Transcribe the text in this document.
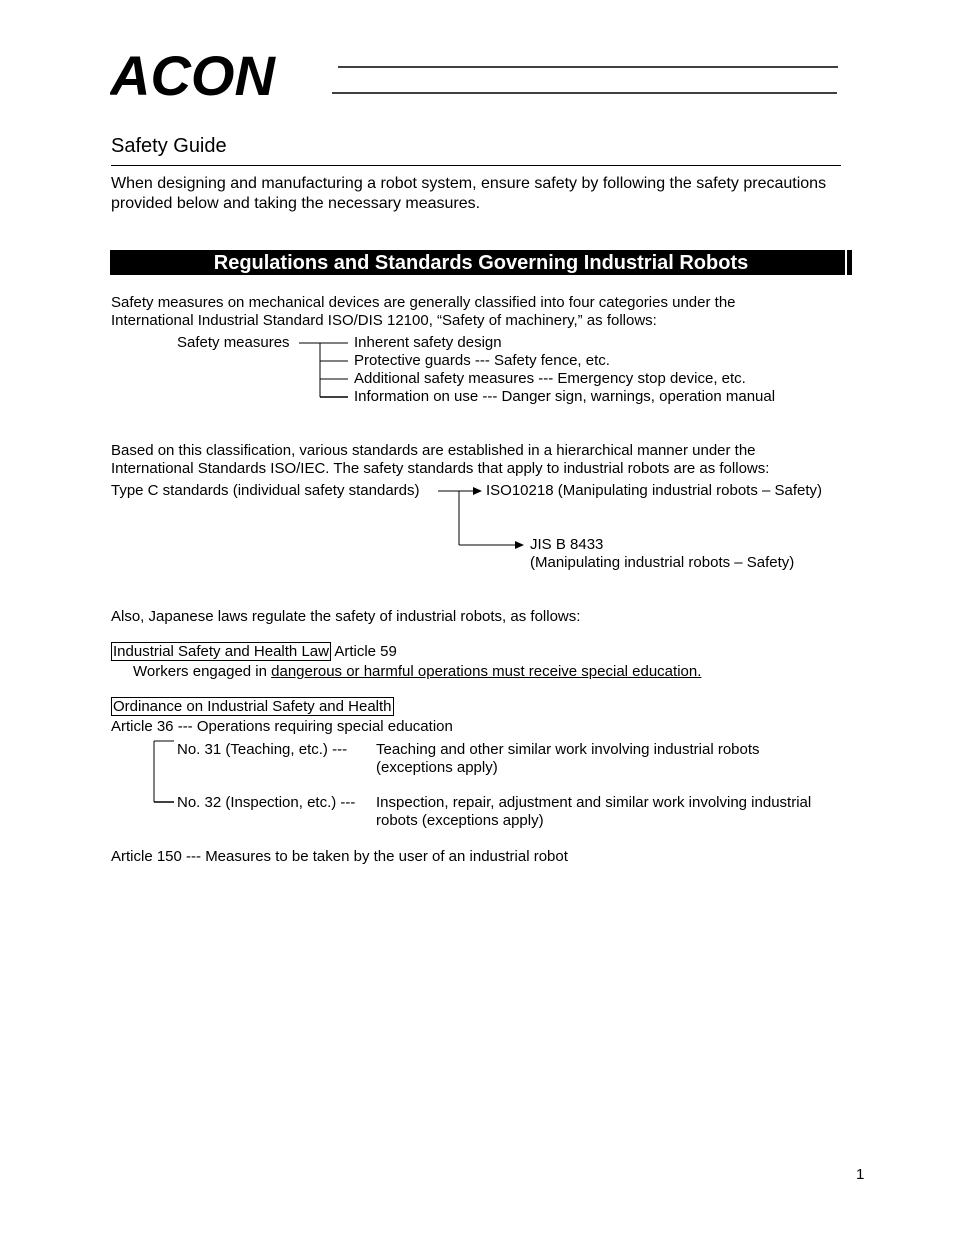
ACON
Safety Guide
When designing and manufacturing a robot system, ensure safety by following the safety precautions provided below and taking the necessary measures.
Regulations and Standards Governing Industrial Robots
Safety measures on mechanical devices are generally classified into four categories under the
International Industrial Standard ISO/DIS 12100, “Safety of machinery,” as follows:
Safety measures	Inherent safety design
Protective guards --- Safety fence, etc.
Additional safety measures --- Emergency stop device, etc.
Information on use --- Danger sign, warnings, operation manual
Based on this classification, various standards are established in a hierarchical manner under the
International Standards ISO/IEC. The safety standards that apply to industrial robots are as follows:
Type C standards (individual safety standards)	ISO10218 (Manipulating industrial robots – Safety)
JIS B 8433
(Manipulating industrial robots – Safety)
Also, Japanese laws regulate the safety of industrial robots, as follows:
Industrial Safety and Health Law Article 59
Workers engaged in dangerous or harmful operations must receive special education.
Ordinance on Industrial Safety and Health
Article 36 --- Operations requiring special education
No. 31 (Teaching, etc.) --- Teaching and other similar work involving industrial robots
(exceptions apply)
No. 32 (Inspection, etc.) --- Inspection, repair, adjustment and similar work involving industrial
robots (exceptions apply)
Article 150 --- Measures to be taken by the user of an industrial robot
1
